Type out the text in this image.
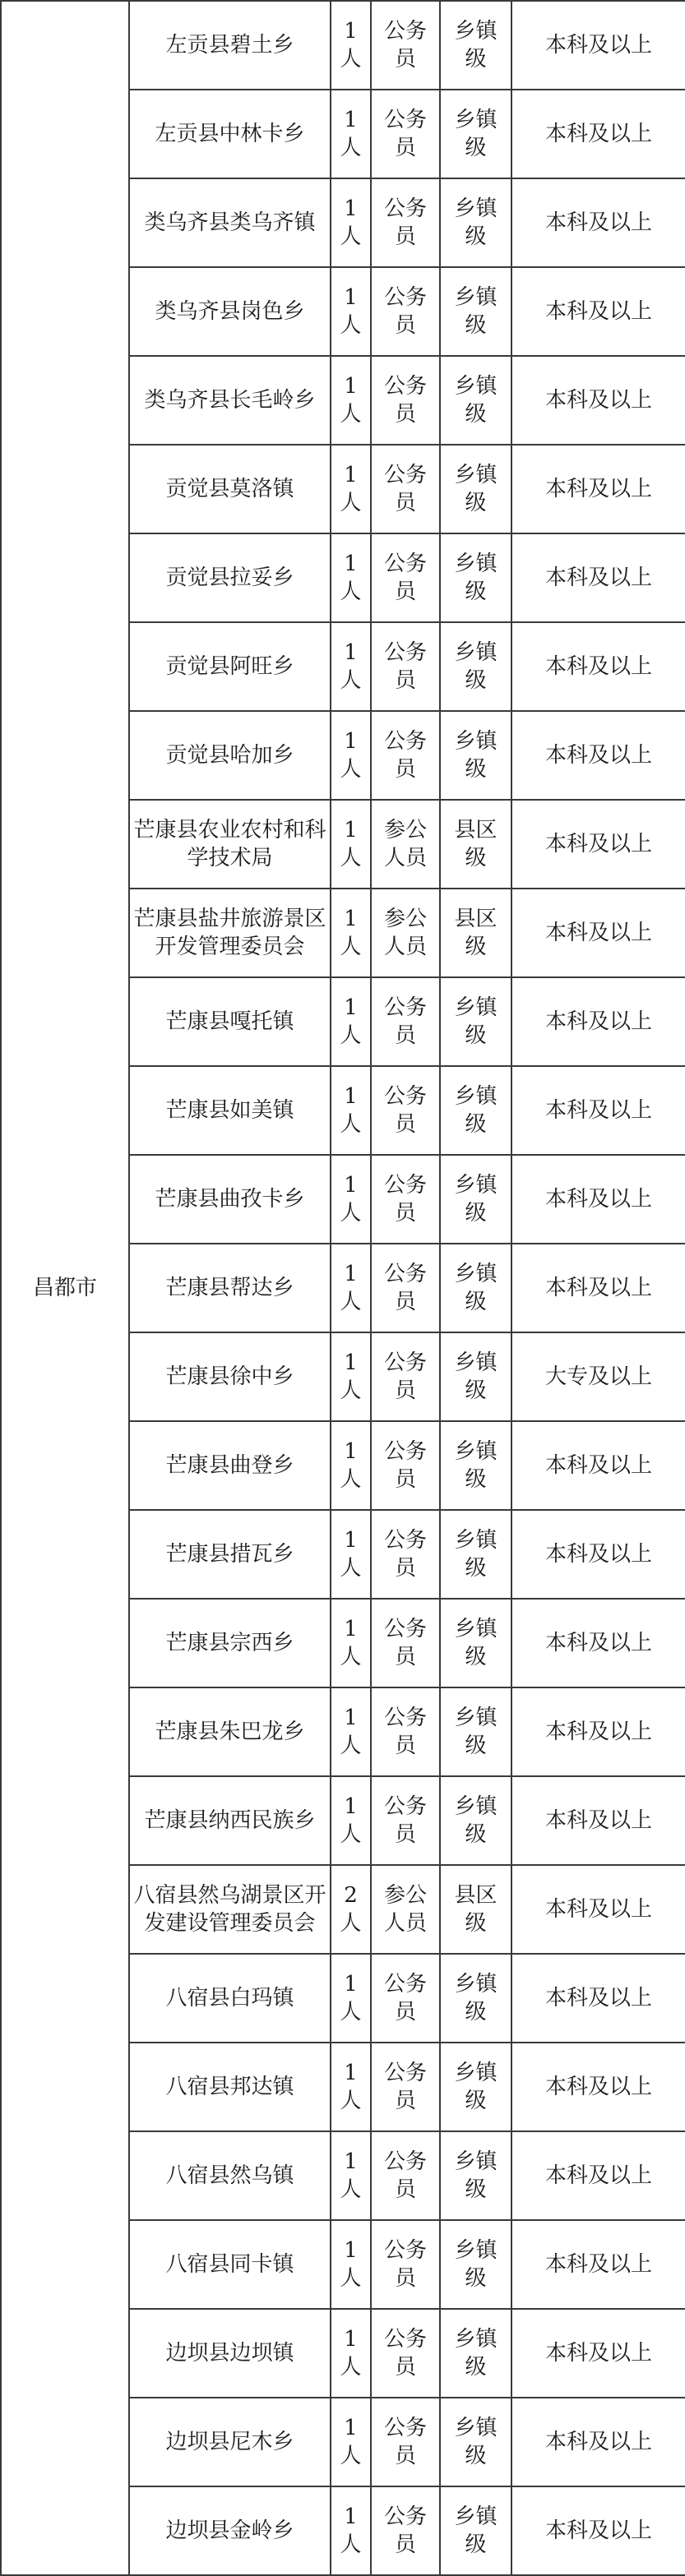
昌都市	左贡县碧土乡	1人	公务员	乡镇级	本科及以上
	左贡县中林卡乡	1人	公务员	乡镇级	本科及以上
	类乌齐县类乌齐镇	1人	公务员	乡镇级	本科及以上
	类乌齐县岗色乡	1人	公务员	乡镇级	本科及以上
	类乌齐县长毛岭乡	1人	公务员	乡镇级	本科及以上
	贡觉县莫洛镇	1人	公务员	乡镇级	本科及以上
	贡觉县拉妥乡	1人	公务员	乡镇级	本科及以上
	贡觉县阿旺乡	1人	公务员	乡镇级	本科及以上
	贡觉县哈加乡	1人	公务员	乡镇级	本科及以上
	芒康县农业农村和科学技术局	1人	参公人员	县区级	本科及以上
	芒康县盐井旅游景区开发管理委员会	1人	参公人员	县区级	本科及以上
	芒康县嘎托镇	1人	公务员	乡镇级	本科及以上
	芒康县如美镇	1人	公务员	乡镇级	本科及以上
	芒康县曲孜卡乡	1人	公务员	乡镇级	本科及以上
	芒康县帮达乡	1人	公务员	乡镇级	本科及以上
	芒康县徐中乡	1人	公务员	乡镇级	大专及以上
	芒康县曲登乡	1人	公务员	乡镇级	本科及以上
	芒康县措瓦乡	1人	公务员	乡镇级	本科及以上
	芒康县宗西乡	1人	公务员	乡镇级	本科及以上
	芒康县朱巴龙乡	1人	公务员	乡镇级	本科及以上
	芒康县纳西民族乡	1人	公务员	乡镇级	本科及以上
	八宿县然乌湖景区开发建设管理委员会	2人	参公人员	县区级	本科及以上
	八宿县白玛镇	1人	公务员	乡镇级	本科及以上
	八宿县邦达镇	1人	公务员	乡镇级	本科及以上
	八宿县然乌镇	1人	公务员	乡镇级	本科及以上
	八宿县同卡镇	1人	公务员	乡镇级	本科及以上
	边坝县边坝镇	1人	公务员	乡镇级	本科及以上
	边坝县尼木乡	1人	公务员	乡镇级	本科及以上
	边坝县金岭乡	1人	公务员	乡镇级	本科及以上
